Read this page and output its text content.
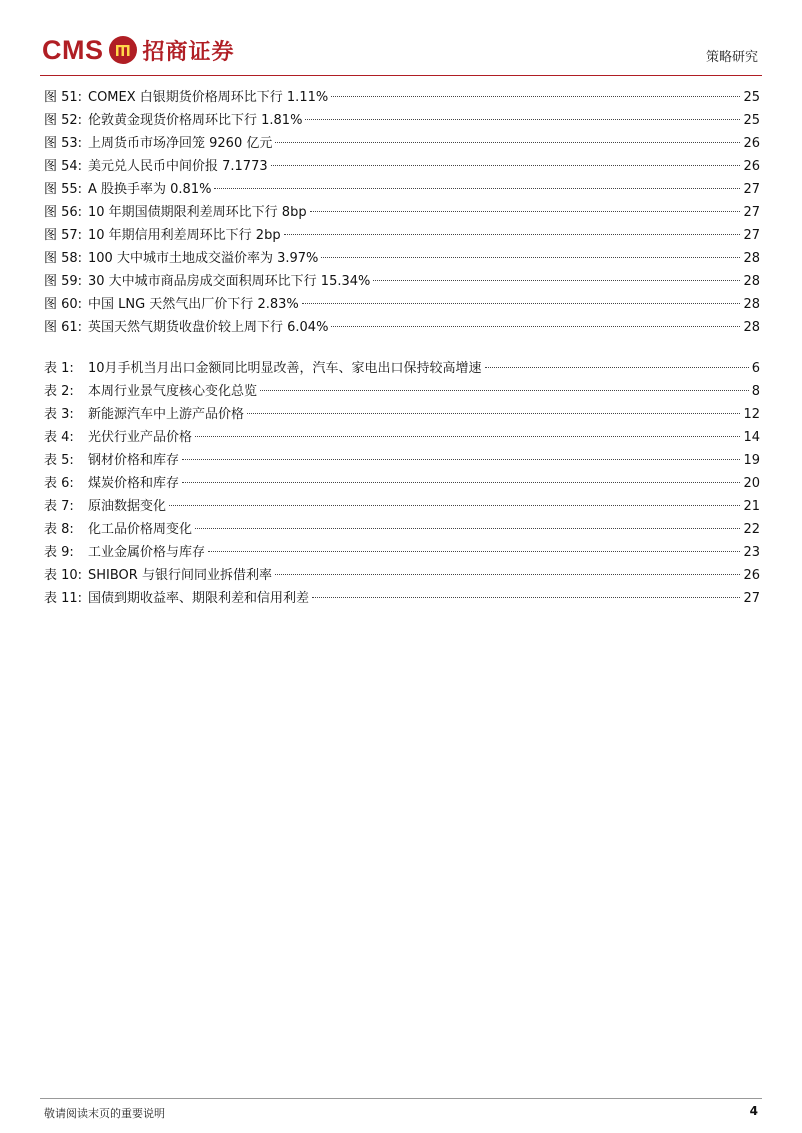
CMS 招商证券	策略研究
图 51: COMEX 白银期货价格周环比下行 1.11%	25
图 52: 伦敦黄金现货价格周环比下行 1.81%	25
图 53: 上周货币市场净回笼 9260 亿元	26
图 54: 美元兑人民币中间价报 7.1773	26
图 55: A 股换手率为 0.81%	27
图 56: 10 年期国债期限利差周环比下行 8bp	27
图 57: 10 年期信用利差周环比下行 2bp	27
图 58: 100 大中城市土地成交溢价率为 3.97%	28
图 59: 30 大中城市商品房成交面积周环比下行 15.34%	28
图 60: 中国 LNG 天然气出厂价下行 2.83%	28
图 61: 英国天然气期货收盘价较上周下行 6.04%	28
表 1: 10月手机当月出口金额同比明显改善，汽车、家电出口保持较高增速	6
表 2: 本周行业景气度核心变化总览	8
表 3: 新能源汽车中上游产品价格	12
表 4: 光伏行业产品价格	14
表 5: 钢材价格和库存	19
表 6: 煤炭价格和库存	20
表 7: 原油数据变化	21
表 8: 化工品价格周变化	22
表 9: 工业金属价格与库存	23
表 10: SHIBOR 与银行间同业拆借利率	26
表 11: 国债到期收益率、期限利差和信用利差	27
敬请阅读末页的重要说明	4
